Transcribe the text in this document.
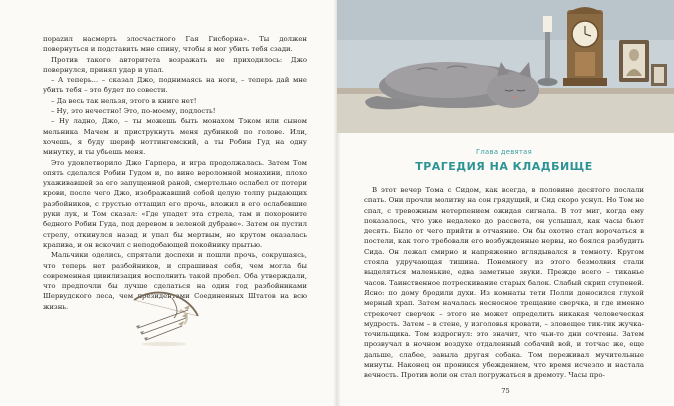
порazил насмерть злосчастного Гая Гисборна». Ты должен повернуться и подставить мне спину, чтобы я мог убить тебя сзади.

Против такого авторитета возражать не приходилось: Джо повернулся, принял удар и упал.

– А теперь... – сказал Джо, поднимаясь на ноги, – теперь дай мне убить тебя – это будет по совести.

– Да весь так нельзя, этого в книге нет!

– Ну, это нечестно! Это, по-моему, подлость!

– Ну ладно, Джо, – ты можешь быть монахом Тэком или сыном мельника Мачем и приструкнуть меня дубинкой по голове. Или, хочешь, я буду шериф ноттингемский, а ты Робин Гуд на одну минутку, и ты убьешь меня.

Это удовлетворило Джо Гарпера, и игра продолжалась. Затем Том опять сделался Робин Гудом и, по вине вероломной монахини, плохо ухаживавшей за его запущенной раной, смертельно ослабел от потери крови, после чего Джо, изображавший собой целую толпу рыдающих разбойников, с грустью оттащил его прочь, вложил в его ослабевшие руки лук, и Том сказал: «Где упадет эта стрела, там и похороните бедного Робин Гуда, под деревом в зеленой дубраве». Затем он пустил стрелу, откинулся назад и упал бы мертвым, но крутом оказалась крапива, и он вскочил с неподобающей покойнику прытью.

Мальчики оделись, спрятали доспехи и пошли прочь, сокрушаясь, что теперь нет разбойников, и спрашивая себя, чем могла бы современная цивилизация восполнить такой пробел. Оба утверждали, что предпочли бы лучше сделаться на один год разбойниками Шервудского леса, чем президентами Соединенных Штатов на всю жизнь.

Глава девятая
ТРАГЕДИЯ НА КЛАДБИЩЕ

В этот вечер Тома с Сидом, как всегда, в половине десятого послали спать. Они прочли молитву на сон грядущий, и Сид скоро уснул. Но Том не спал, с тревожным нетерпением ожидая сигнала. В тот миг, когда ему показалось, что уже недалеко до рассвета, он услышал, как часы бьют десять. Было от чего прийти в отчаяние. Он бы охотно стал ворочаться в постели, как того требовали его возбужденные нервы, но боялся разбудить Сида. Он лежал смирно и напряженно вглядывался в темноту. Кругом стояла удручающая тишина. Понемногу из этого безмолвия стали выделяться маленькие, едва заметные звуки. Прежде всего – тиканье часов. Таинственное потрескивание старых балок. Слабый скрип ступеней. Ясно: по дому бродили духи. Из комнаты тети Полли доносился глухой мерный храп. Затем началась несносное трещание сверчка, и где именно стрекочет сверчок – этого не может определить никакая человеческая мудрость. Затем – в стене, у изголовья кровати, – зловещее тик-тик жучка-точильщика. Том вздрогнул: это значит, что чьи-то дни сочтены. Затем прозвучал в ночном воздухе отдаленный собачий вой, и тотчас же, еще дальше, слабее, завыла другая собака. Том переживал мучительные минуты. Наконец он проникся убеждением, что время исчезло и настала вечность. Против воли он стал погружаться в дремоту. Часы про-

75
